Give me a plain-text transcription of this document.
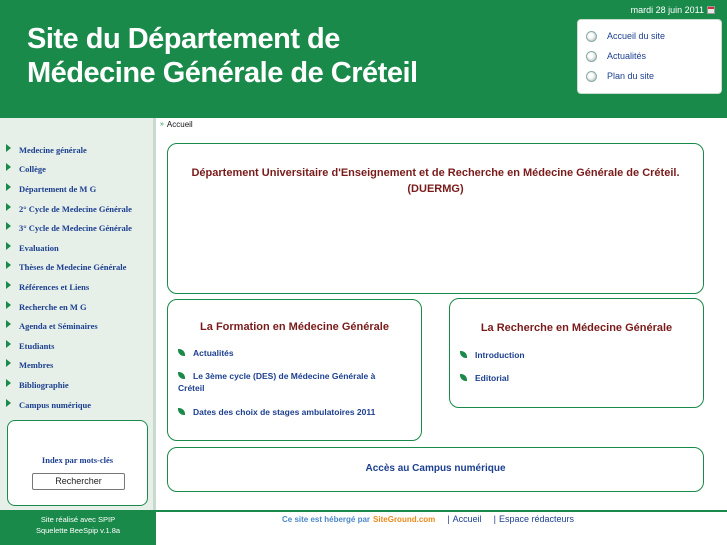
Site du Département de
Médecine Générale de Créteil
mardi 28 juin 2011
Accueil du site
Actualités
Plan du site
Medecine générale
Collège
Département de M G
2° Cycle de Medecine Générale
3° Cycle de Medecine Générale
Evaluation
Thèses de Medecine Générale
Références et Liens
Recherche en M G
Agenda et Séminaires
Etudiants
Membres
Bibliographie
Campus numérique
Index par mots-clés
Rechercher
» Accueil
Département Universitaire d'Enseignement et de Recherche en Médecine Générale de Créteil.
(DUERMG)
La Formation en Médecine Générale
Actualités
Le 3ème cycle (DES) de Médecine Générale à
Créteil
Dates des choix de stages ambulatoires 2011
La Recherche en Médecine Générale
Introduction
Editorial
Accès au Campus numérique
Site réalisé avec SPIP
Squelette BeeSpip v.1.8a
Ce site est hébergé par SiteGround.com | Accueil | Espace rédacteurs
